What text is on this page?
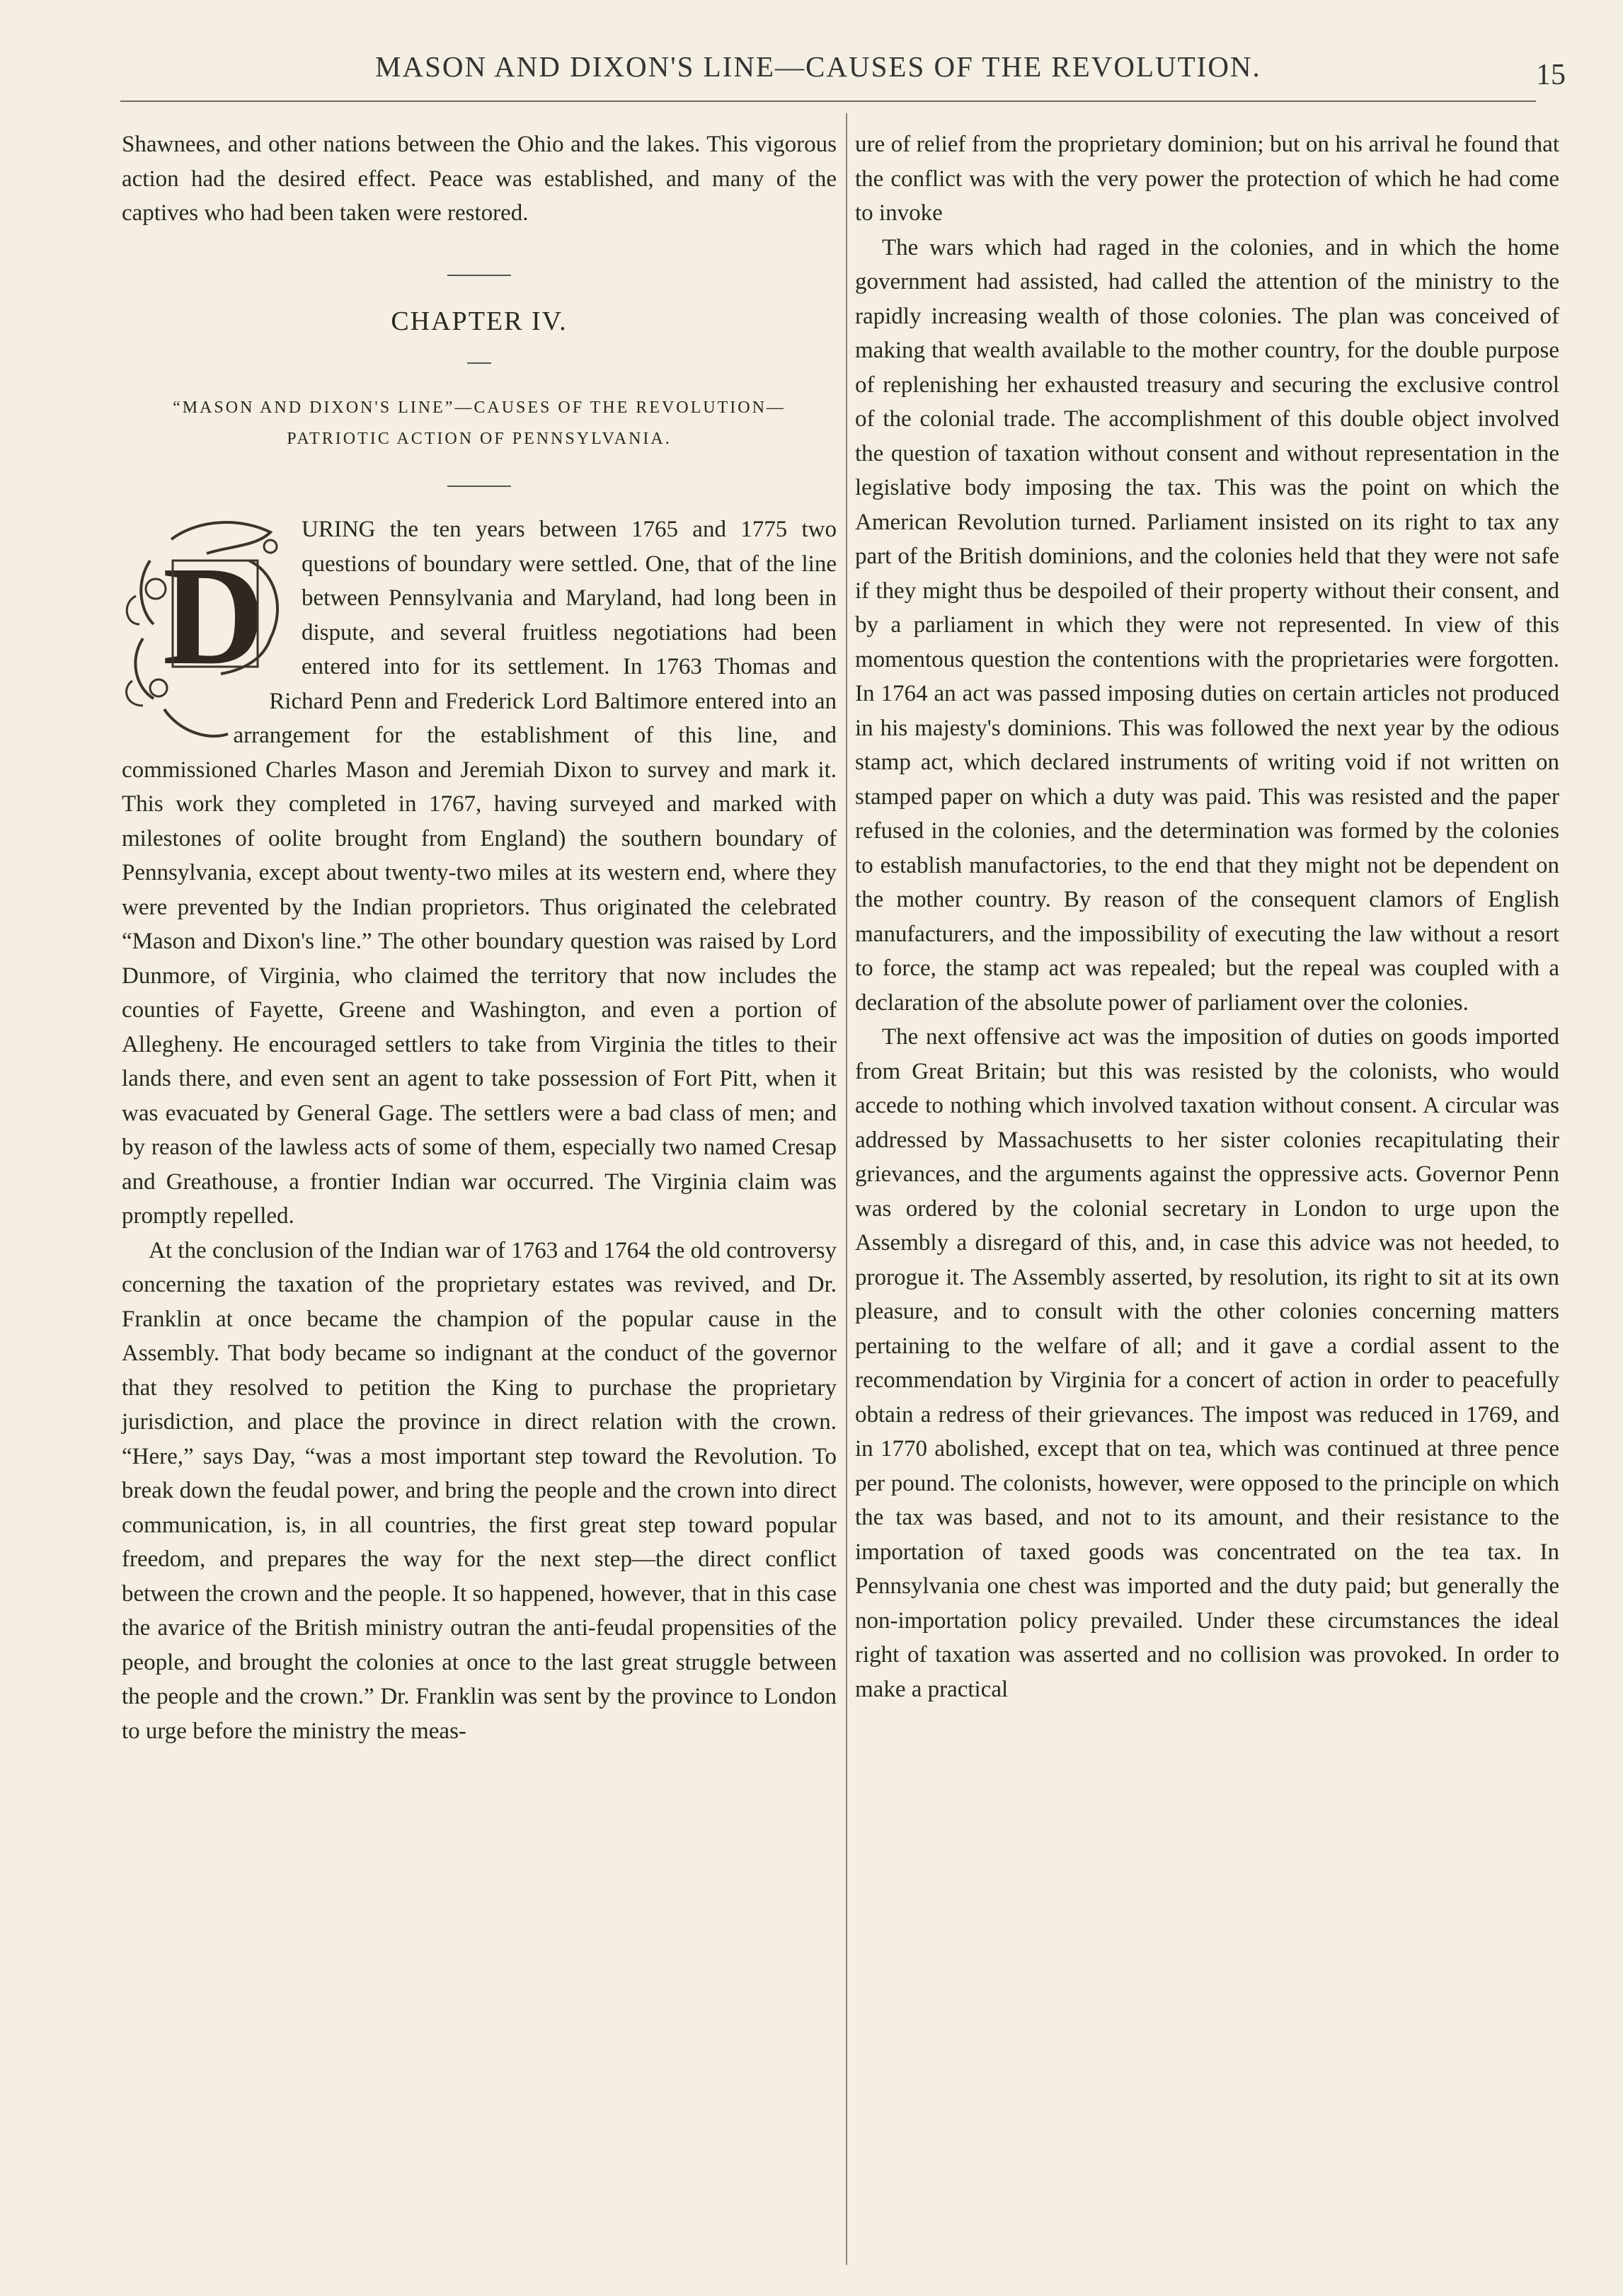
MASON AND DIXON'S LINE—CAUSES OF THE REVOLUTION.	15

Shawnees, and other nations between the Ohio and the lakes. This vigorous action had the desired effect. Peace was established, and many of the captives who had been taken were restored.

CHAPTER IV.
“MASON AND DIXON'S LINE”—CAUSES OF THE REVOLUTION—PATRIOTIC ACTION OF PENNSYLVANIA.
D

URING the ten years between 1765 and 1775 two questions of boundary were settled. One, that of the line between Pennsylvania and Maryland, had long been in dispute, and several fruitless negotiations had been entered into for its settlement. In 1763 Thomas and Richard Penn and Frederick Lord Baltimore entered into an arrangement for the establishment of this line, and commissioned Charles Mason and Jeremiah Dixon to survey and mark it. This work they completed in 1767, having surveyed and marked with milestones of oolite brought from England) the southern boundary of Pennsylvania, except about twenty-two miles at its western end, where they were prevented by the Indian proprietors. Thus originated the celebrated “Mason and Dixon's line.” The other boundary question was raised by Lord Dunmore, of Virginia, who claimed the territory that now includes the counties of Fayette, Greene and Washington, and even a portion of Allegheny. He encouraged settlers to take from Virginia the titles to their lands there, and even sent an agent to take possession of Fort Pitt, when it was evacuated by General Gage. The settlers were a bad class of men; and by reason of the lawless acts of some of them, especially two named Cresap and Greathouse, a frontier Indian war occurred. The Virginia claim was promptly repelled.

At the conclusion of the Indian war of 1763 and 1764 the old controversy concerning the taxation of the proprietary estates was revived, and Dr. Franklin at once became the champion of the popular cause in the Assembly. That body became so indignant at the conduct of the governor that they resolved to petition the King to purchase the proprietary jurisdiction, and place the province in direct relation with the crown. “Here,” says Day, “was a most important step toward the Revolution. To break down the feudal power, and bring the people and the crown into direct communication, is, in all countries, the first great step toward popular freedom, and prepares the way for the next step—the direct conflict between the crown and the people. It so happened, however, that in this case the avarice of the British ministry outran the anti-feudal propensities of the people, and brought the colonies at once to the last great struggle between the people and the crown.” Dr. Franklin was sent by the province to London to urge before the ministry the meas-

ure of relief from the proprietary dominion; but on his arrival he found that the conflict was with the very power the protection of which he had come to invoke

The wars which had raged in the colonies, and in which the home government had assisted, had called the attention of the ministry to the rapidly increasing wealth of those colonies. The plan was conceived of making that wealth available to the mother country, for the double purpose of replenishing her exhausted treasury and securing the exclusive control of the colonial trade. The accomplishment of this double object involved the question of taxation without consent and without representation in the legislative body imposing the tax. This was the point on which the American Revolution turned. Parliament insisted on its right to tax any part of the British dominions, and the colonies held that they were not safe if they might thus be despoiled of their property without their consent, and by a parliament in which they were not represented. In view of this momentous question the contentions with the proprietaries were forgotten. In 1764 an act was passed imposing duties on certain articles not produced in his majesty's dominions. This was followed the next year by the odious stamp act, which declared instruments of writing void if not written on stamped paper on which a duty was paid. This was resisted and the paper refused in the colonies, and the determination was formed by the colonies to establish manufactories, to the end that they might not be dependent on the mother country. By reason of the consequent clamors of English manufacturers, and the impossibility of executing the law without a resort to force, the stamp act was repealed; but the repeal was coupled with a declaration of the absolute power of parliament over the colonies.

The next offensive act was the imposition of duties on goods imported from Great Britain; but this was resisted by the colonists, who would accede to nothing which involved taxation without consent. A circular was addressed by Massachusetts to her sister colonies recapitulating their grievances, and the arguments against the oppressive acts. Governor Penn was ordered by the colonial secretary in London to urge upon the Assembly a disregard of this, and, in case this advice was not heeded, to prorogue it. The Assembly asserted, by resolution, its right to sit at its own pleasure, and to consult with the other colonies concerning matters pertaining to the welfare of all; and it gave a cordial assent to the recommendation by Virginia for a concert of action in order to peacefully obtain a redress of their grievances. The impost was reduced in 1769, and in 1770 abolished, except that on tea, which was continued at three pence per pound. The colonists, however, were opposed to the principle on which the tax was based, and not to its amount, and their resistance to the importation of taxed goods was concentrated on the tea tax. In Pennsylvania one chest was imported and the duty paid; but generally the non-importation policy prevailed. Under these circumstances the ideal right of taxation was asserted and no collision was provoked. In order to make a practical
